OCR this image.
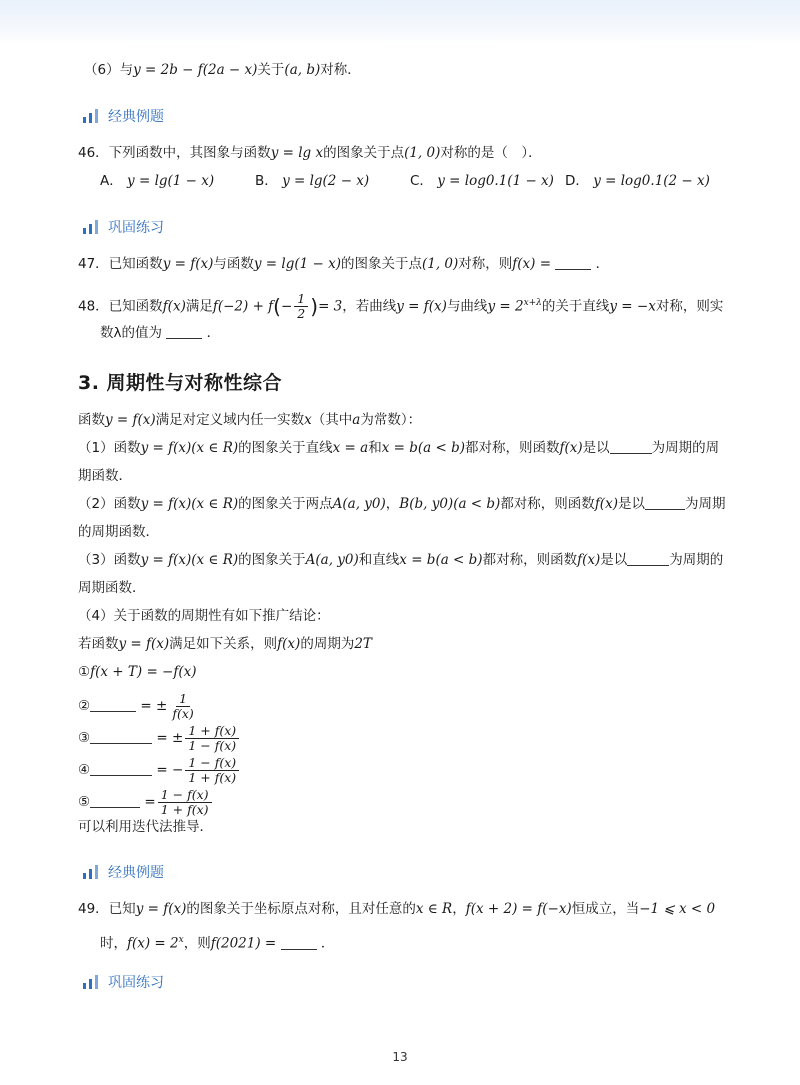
（6）与y = 2b − f(2a − x)关于(a, b)对称．
经典例题
46．下列函数中，其图象与函数y = lg x的图象关于点(1, 0)对称的是（　）．
A． y = lg(1 − x)	B． y = lg(2 − x)	C． y = log0.1(1 − x) D． y = log0.1(2 − x)
巩固练习
47．已知函数y = f(x)与函数y = lg(1 − x)的图象关于点(1, 0)对称，则f(x) =	．
48．已知函数f(x)满足$f(-2) + f(- \frac{1}{2}$ )= 3，若曲线y = f(x)与曲线$y = 2^{x+\lambda}$的关于直线y = −x对称，则实
数λ的值为	．
3. 周期性与对称性综合
函数y = f(x)满足对定义域内任一实数x（其中a为常数）：
（1）函数y = f(x)(x ∈ R)的图象关于直线x = a和x = b(a < b)都对称，则函数f(x)是以	为周期的周
期函数．
（2）函数y = f(x)(x ∈ R)的图象关于两点A(a, y0)，B(b, y0)(a < b)都对称，则函数f(x)是以	为周期
的周期函数．
（3）函数y = f(x)(x ∈ R)的图象关于A(a, y0)和直线x = b(a < b)都对称，则函数f(x)是以	为周期的
周期函数．
（4）关于函数的周期性有如下推广结论：
若函数y = f(x)满足如下关系，则f(x)的周期为2T
①f(x + T) = −f(x)
②	= ± $\frac{1}{f(x)}$
③	= ± $\frac{1 + f(x)}{1 - f(x)}$
④	= − $\frac{1 - f(x)}{1 + f(x)}$
⑤	= $\frac{1 - f(x)}{1 + f(x)}$
可以利用迭代法推导．
经典例题
49．已知y = f(x)的图象关于坐标原点对称，且对任意的x ∈ R，f(x + 2) = f(−x)恒成立，当−1 ⩽ x < 0
时，$f(x) = 2^x$，则f(2021) =	．
巩固练习
13
